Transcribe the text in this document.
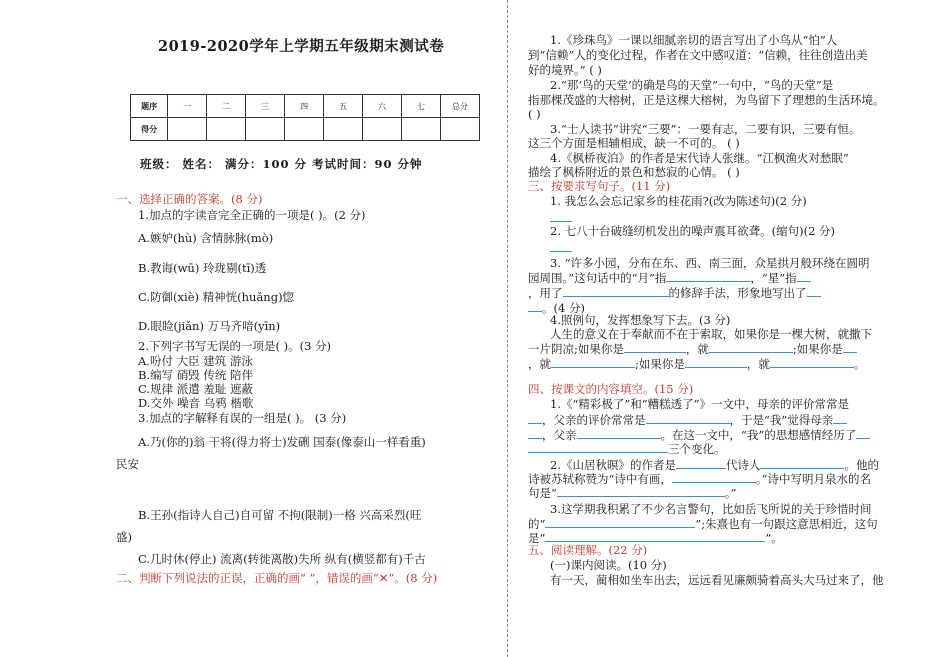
2019-2020学年上学期五年级期末测试卷
题序	一	二	三	四	五	六	七	总分
得分								
班级： 姓名： 满分：100 分 考试时间：90 分钟
一、选择正确的答案。(8 分)
1.加点的字读音完全正确的一项是( )。(2 分)
A.嫉妒(hù) 含情脉脉(mò)
B.教诲(wū) 玲珑剔(tī)透
C.防御(xiè) 精神恍(huǎng)惚
D.眼睑(jiǎn) 万马齐喑(yīn)
2.下列字书写无误的一项是( )。(3 分)
A.吩付 大臣 建筑 游泳
B.编写 硝毁 传统 陪伴
C.规律 派遣 羞耻 遮蔽
D.交外 噪音 乌鸦 楷歌
3.加点的字解释有误的一组是( )。 (3 分)
A.乃(你的)翁 干将(得力将士)发硎 国泰(像泰山一样看重)
民安
B.王孙(指诗人自己)自可留 不拘(限制)一格 兴高采烈(旺
盛)
C.几时休(停止) 流离(转徙离散)失所 纵有(横竖都有)千古
二、判断下列说法的正误，正确的画“ ”，错误的画“✕”。(8 分)
1.《珍珠鸟》一课以细腻亲切的语言写出了小鸟从“怕”人
到“信赖”人的变化过程，作者在文中感叹道：“信赖，往往创造出美
好的境界。” ( )
2.“那‘鸟的天堂’的确是鸟的天堂”一句中，“鸟的天堂”是
指那棵茂盛的大榕树，正是这棵大榕树，为鸟留下了理想的生活环境。
( )
3.“士人读书”讲究“三要”：一要有志，二要有识，三要有恒。
这三个方面是相辅相成，缺一不可的。 ( )
4.《枫桥夜泊》的作者是宋代诗人张继。“江枫渔火对愁眠”
描绘了枫桥附近的景色和愁寂的心情。 ( )
三、按要求写句子。(11 分)
1. 我怎么会忘记家乡的桂花雨?(改为陈述句)(2 分)
2. 七八十台破缝纫机发出的噪声震耳欲聋。(缩句)(2 分)
3. “许多小园，分布在东、西、南三面，众星拱月般环绕在圆明
园周围。”这句话中的“月”指	，“星”指
，用了	的修辞手法，形象地写出了
。(4 分)
4.照例句，发挥想象写下去。(3 分)
人生的意义在于奉献而不在于索取，如果你是一棵大树，就撒下
一片阴凉;如果你是	，就	;如果你是
，就	;如果你是	，就	。
四、按课文的内容填空。(15 分)
1.《“精彩极了”和“糟糕透了”》一文中，母亲的评价常常是
，父亲的评价常常是	，于是“我”觉得母亲
，父亲	。在这一文中，“我”的思想感情经历了
三个变化。
2.《山居秋暝》的作者是	代诗人	。他的
诗被苏轼称赞为“诗中有画，	。”诗中写明月泉水的名
句是“	。”
3.这学期我积累了不少名言警句，比如岳飞所说的关于珍惜时间
的“	”;朱熹也有一句跟这意思相近，这句
是“	”。
五、阅读理解。(22 分)
(一)课内阅读。(10 分)
有一天，蔺相如坐车出去，远远看见廉颇骑着高头大马过来了，他
